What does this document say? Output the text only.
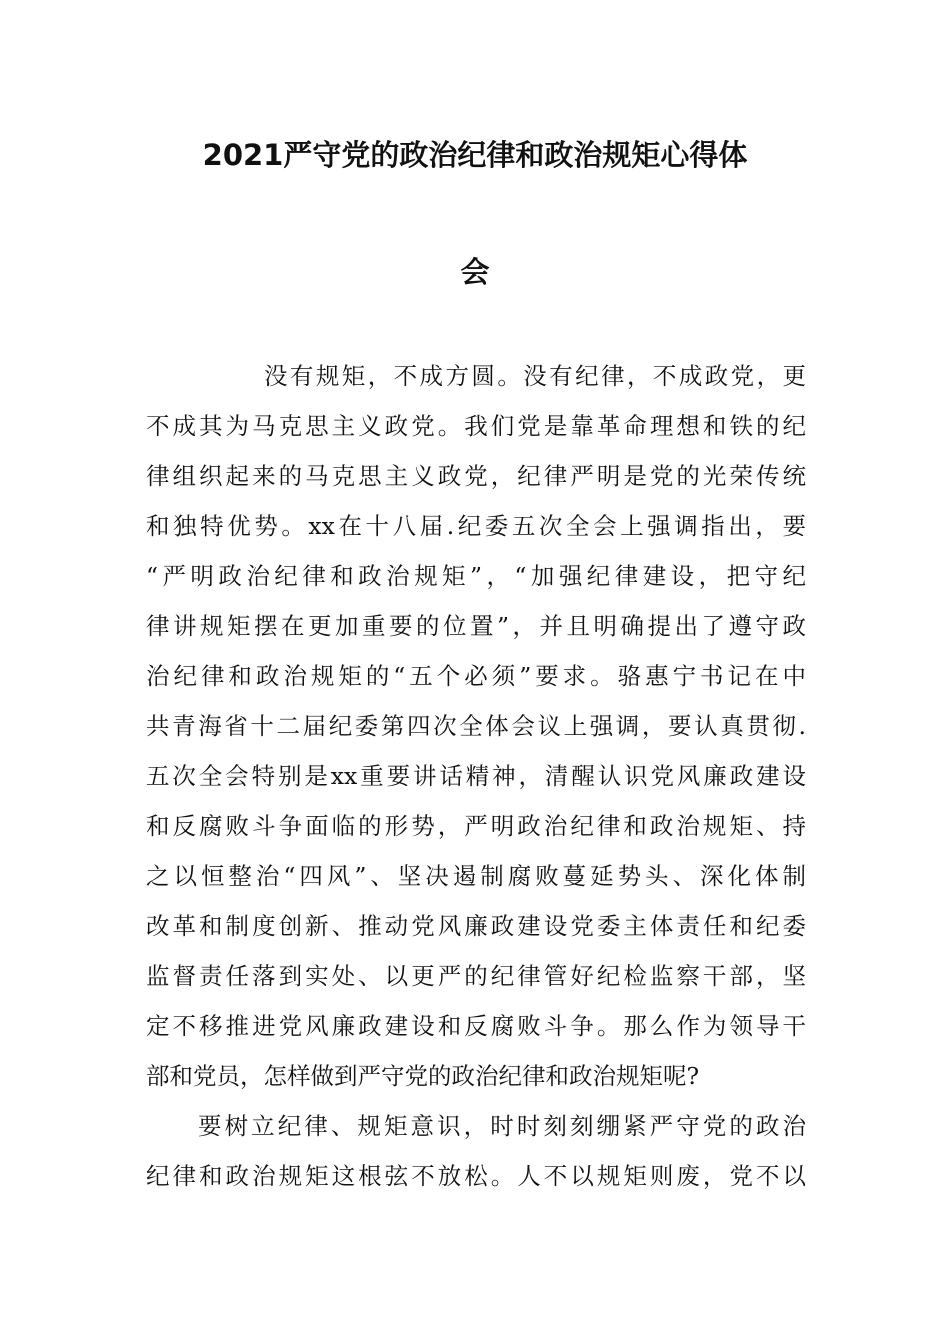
2021严守党的政治纪律和政治规矩心得体
会
没有规矩，不成方圆。没有纪律，不成政党，更
不成其为马克思主义政党。我们党是靠革命理想和铁的纪
律组织起来的马克思主义政党，纪律严明是党的光荣传统
和独特优势。xx在十八届.纪委五次全会上强调指出，要
“严明政治纪律和政治规矩”，“加强纪律建设，把守纪
律讲规矩摆在更加重要的位置”，并且明确提出了遵守政
治纪律和政治规矩的“五个必须”要求。骆惠宁书记在中
共青海省十二届纪委第四次全体会议上强调，要认真贯彻.
五次全会特别是xx重要讲话精神，清醒认识党风廉政建设
和反腐败斗争面临的形势，严明政治纪律和政治规矩、持
之以恒整治“四风”、坚决遏制腐败蔓延势头、深化体制
改革和制度创新、推动党风廉政建设党委主体责任和纪委
监督责任落到实处、以更严的纪律管好纪检监察干部，坚
定不移推进党风廉政建设和反腐败斗争。那么作为领导干
部和党员，怎样做到严守党的政治纪律和政治规矩呢?
要树立纪律、规矩意识，时时刻刻绷紧严守党的政治
纪律和政治规矩这根弦不放松。人不以规矩则废，党不以
